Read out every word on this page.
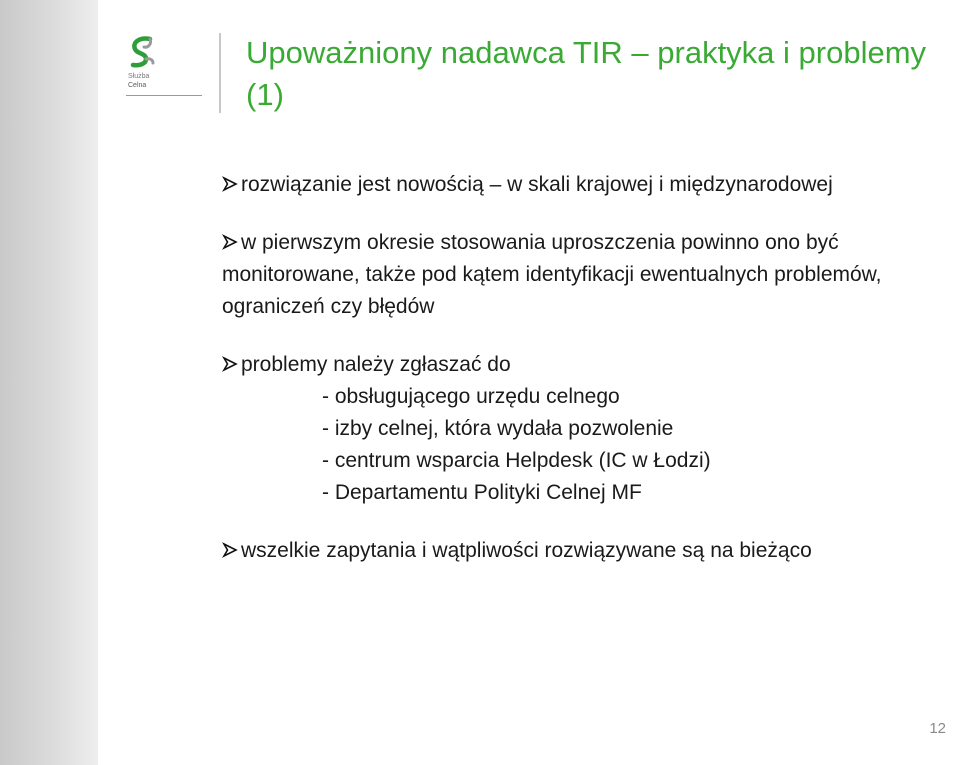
Służba
Celna
Upoważniony nadawca TIR – praktyka i problemy (1)
rozwiązanie jest nowością – w skali krajowej i międzynarodowej
w pierwszym okresie stosowania uproszczenia powinno ono być monitorowane, także pod kątem identyfikacji ewentualnych problemów, ograniczeń czy błędów
problemy należy zgłaszać do
- obsługującego urzędu celnego
- izby celnej, która wydała pozwolenie
- centrum wsparcia Helpdesk (IC w Łodzi)
- Departamentu Polityki Celnej MF
wszelkie zapytania i wątpliwości rozwiązywane są na bieżąco
12
